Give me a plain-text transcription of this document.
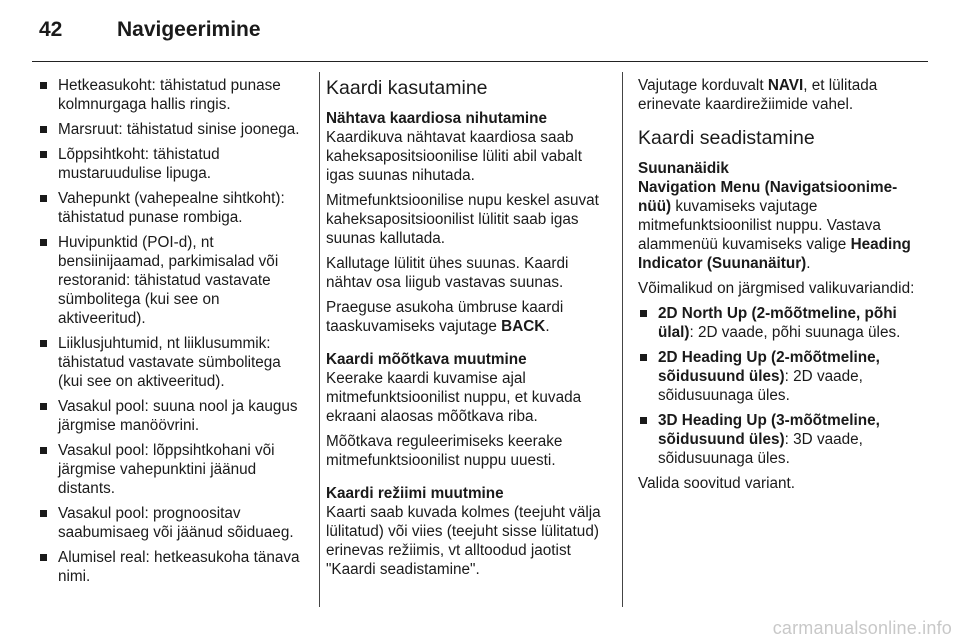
42	Navigeerimine
Hetkeasukoht: tähistatud punase kolmnurgaga hallis ringis.
Marsruut: tähistatud sinise joonega.
Lõppsihtkoht: tähistatud mustaruudulise lipuga.
Vahepunkt (vahepealne sihtkoht): tähistatud punase rombiga.
Huvipunktid (POI-d), nt bensiinijaamad, parkimisalad või restoranid: tähistatud vastavate sümbolitega (kui see on aktiveeritud).
Liiklusjuhtumid, nt liiklusummik: tähistatud vastavate sümbolitega (kui see on aktiveeritud).
Vasakul pool: suuna nool ja kaugus järgmise manöövrini.
Vasakul pool: lõppsihtkohani või järgmise vahepunktini jäänud distants.
Vasakul pool: prognoositav saabumisaeg või jäänud sõiduaeg.
Alumisel real: hetkeasukoha tänava nimi.
Kaardi kasutamine

Nähtava kaardiosa nihutamine

Kaardikuva nähtavat kaardiosa saab kaheksapositsioonilise lüliti abil vabalt igas suunas nihutada.

Mitmefunktsioonilise nupu keskel asuvat kaheksapositsioonilist lülitit saab igas suunas kallutada.

Kallutage lülitit ühes suunas. Kaardi nähtav osa liigub vastavas suunas.

Praeguse asukoha ümbruse kaardi taaskuvamiseks vajutage BACK.

Kaardi mõõtkava muutmine

Keerake kaardi kuvamise ajal mitmefunktsioonilist nuppu, et kuvada ekraani alaosas mõõtkava riba.

Mõõtkava reguleerimiseks keerake mitmefunktsioonilist nuppu uuesti.

Kaardi režiimi muutmine

Kaarti saab kuvada kolmes (teejuht välja lülitatud) või viies (teejuht sisse lülitatud) erinevas režiimis, vt alltoodud jaotist "Kaardi seadistamine".

Vajutage korduvalt NAVI, et lülitada erinevate kaardirežiimide vahel.

Kaardi seadistamine

Suunanäidik

Navigation Menu (Navigatsioonime-nüü) kuvamiseks vajutage mitmefunktsioonilist nuppu. Vastava alammenüü kuvamiseks valige Heading Indicator (Suunanäitur).

Võimalikud on järgmised valikuvariandid:

2D North Up (2-mõõtmeline, põhi ülal): 2D vaade, põhi suunaga üles.
2D Heading Up (2-mõõtmeline, sõidusuund üles): 2D vaade, sõidusuunaga üles.
3D Heading Up (3-mõõtmeline, sõidusuund üles): 3D vaade, sõidusuunaga üles.

Valida soovitud variant.

carmanualsonline.info
